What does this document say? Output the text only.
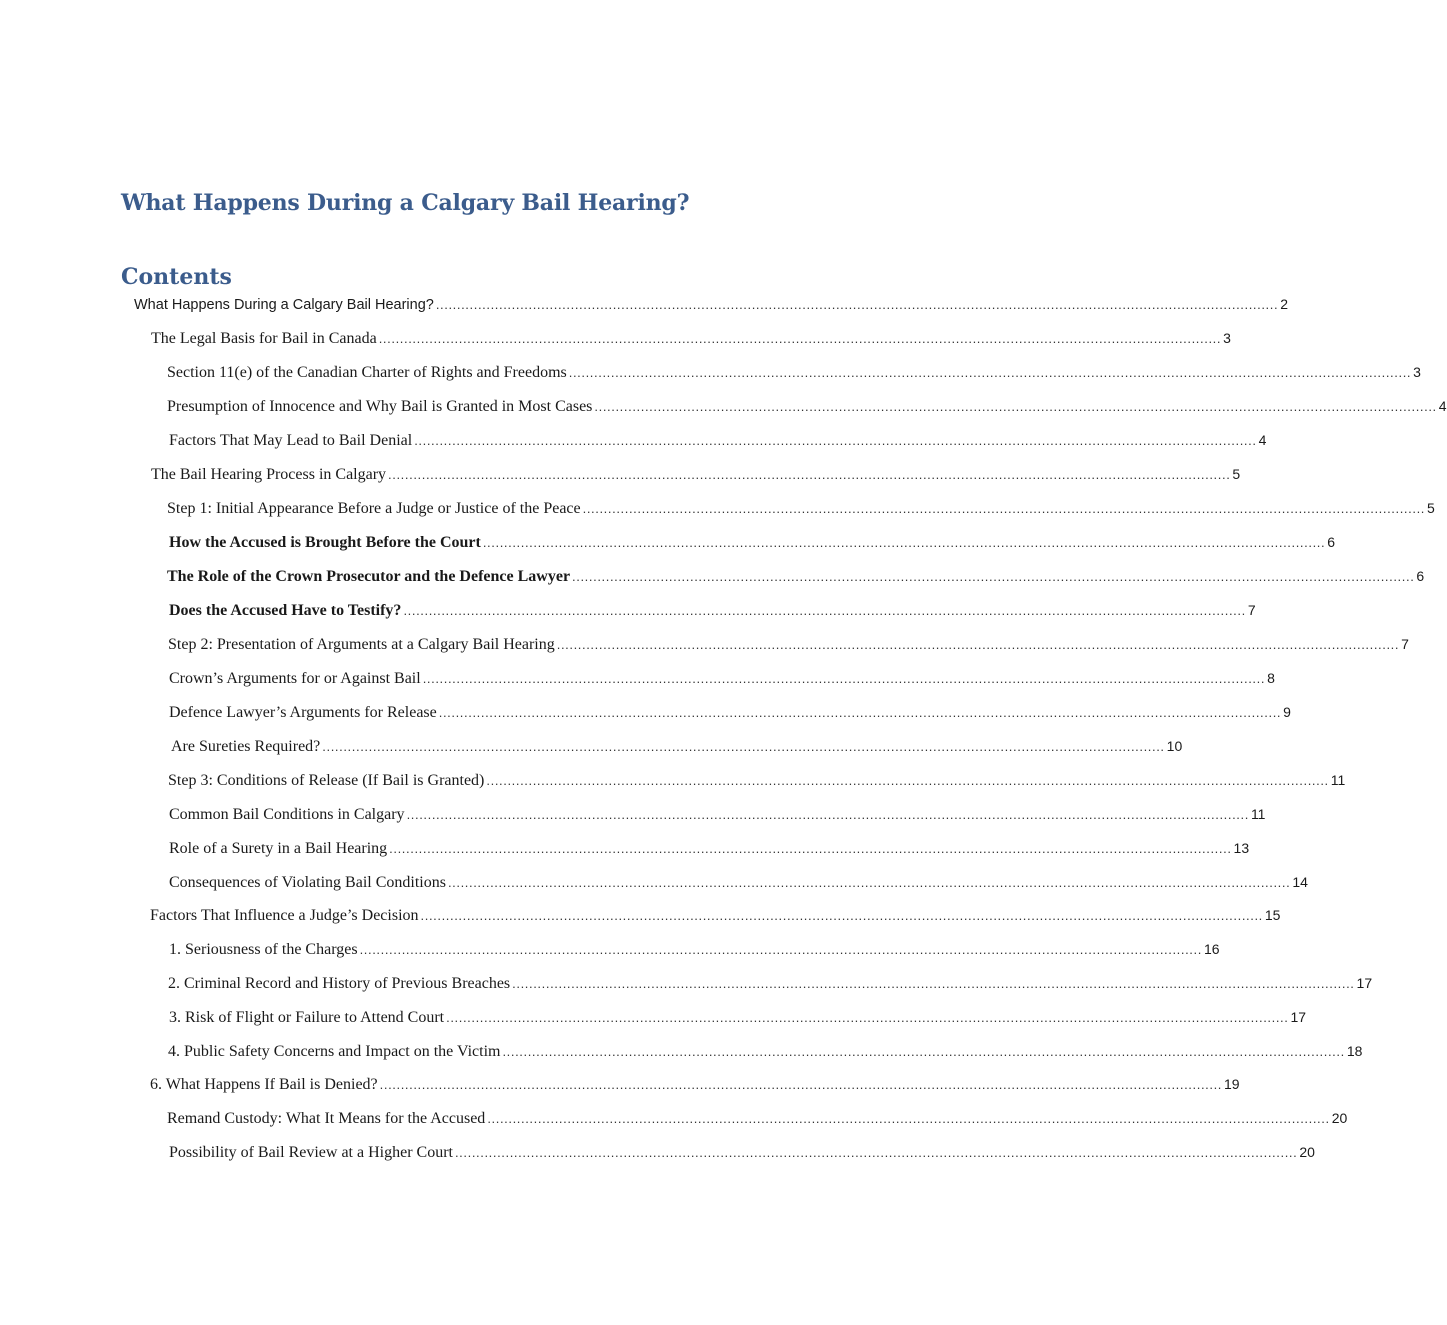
What Happens During a Calgary Bail Hearing?
Contents
What Happens During a Calgary Bail Hearing? ........................................................................................................................................................................................................ 2
The Legal Basis for Bail in Canada ........................................................................................................................................................................................................ 3
Section 11(e) of the Canadian Charter of Rights and Freedoms ........................................................................................................................................................................................................ 3
Presumption of Innocence and Why Bail is Granted in Most Cases ........................................................................................................................................................................................................ 4
Factors That May Lead to Bail Denial ........................................................................................................................................................................................................ 4
The Bail Hearing Process in Calgary ........................................................................................................................................................................................................ 5
Step 1: Initial Appearance Before a Judge or Justice of the Peace ........................................................................................................................................................................................................ 5
How the Accused is Brought Before the Court ........................................................................................................................................................................................................ 6
The Role of the Crown Prosecutor and the Defence Lawyer ........................................................................................................................................................................................................ 6
Does the Accused Have to Testify? ........................................................................................................................................................................................................ 7
Step 2: Presentation of Arguments at a Calgary Bail Hearing ........................................................................................................................................................................................................ 7
Crown’s Arguments for or Against Bail ........................................................................................................................................................................................................ 8
Defence Lawyer’s Arguments for Release ........................................................................................................................................................................................................ 9
Are Sureties Required? ........................................................................................................................................................................................................ 10
Step 3: Conditions of Release (If Bail is Granted) ........................................................................................................................................................................................................ 11
Common Bail Conditions in Calgary ........................................................................................................................................................................................................ 11
Role of a Surety in a Bail Hearing ........................................................................................................................................................................................................ 13
Consequences of Violating Bail Conditions ........................................................................................................................................................................................................ 14
Factors That Influence a Judge’s Decision ........................................................................................................................................................................................................ 15
1. Seriousness of the Charges ........................................................................................................................................................................................................ 16
2. Criminal Record and History of Previous Breaches ........................................................................................................................................................................................................ 17
3. Risk of Flight or Failure to Attend Court ........................................................................................................................................................................................................ 17
4. Public Safety Concerns and Impact on the Victim ........................................................................................................................................................................................................ 18
6. What Happens If Bail is Denied? ........................................................................................................................................................................................................ 19
Remand Custody: What It Means for the Accused ........................................................................................................................................................................................................ 20
Possibility of Bail Review at a Higher Court ........................................................................................................................................................................................................ 20
